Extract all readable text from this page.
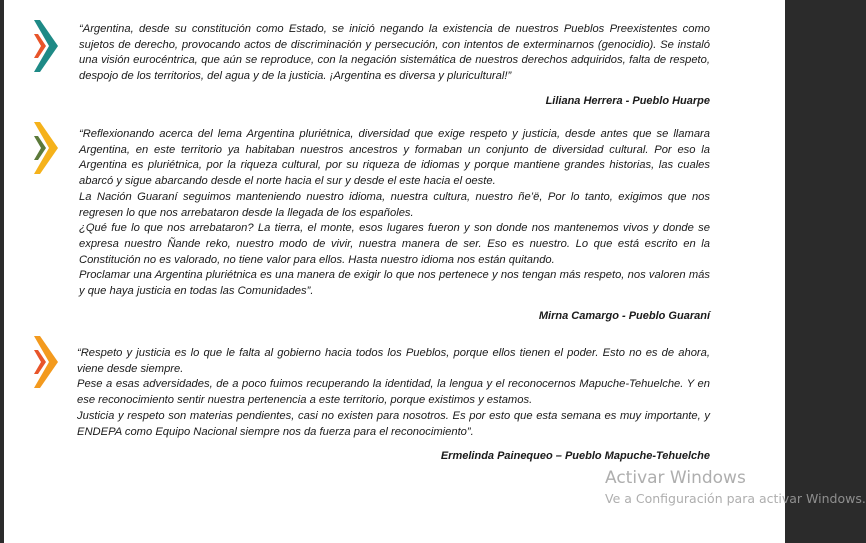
“Argentina, desde su constitución como Estado, se inició negando la existencia de nuestros Pueblos Preexistentes como sujetos de derecho, provocando actos de discriminación y persecución, con intentos de exterminarnos (genocidio). Se instaló una visión eurocéntrica, que aún se reproduce, con la negación sistemática de nuestros derechos adquiridos, falta de respeto, despojo de los territorios, del agua y de la justicia. ¡Argentina es diversa y pluricultural!”

Liliana Herrera - Pueblo Huarpe

“Reflexionando acerca del lema Argentina pluriétnica, diversidad que exige respeto y justicia, desde antes que se llamara Argentina, en este territorio ya habitaban nuestros ancestros y formaban un conjunto de diversidad cultural. Por eso la Argentina es pluriétnica, por la riqueza cultural, por su riqueza de idiomas y porque mantiene grandes historias, las cuales abarcó y sigue abarcando desde el norte hacia el sur y desde el este hacia el oeste.

La Nación Guaraní seguimos manteniendo nuestro idioma, nuestra cultura, nuestro ñe’ë, Por lo tanto, exigimos que nos regresen lo que nos arrebataron desde la llegada de los españoles.

¿Qué fue lo que nos arrebataron? La tierra, el monte, esos lugares fueron y son donde nos mantenemos vivos y donde se expresa nuestro Ñande reko, nuestro modo de vivir, nuestra manera de ser. Eso es nuestro. Lo que está escrito en la Constitución no es valorado, no tiene valor para ellos. Hasta nuestro idioma nos están quitando.

Proclamar una Argentina pluriétnica es una manera de exigir lo que nos pertenece y nos tengan más respeto, nos valoren más y que haya justicia en todas las Comunidades”.

Mirna Camargo - Pueblo Guaraní

“Respeto y justicia es lo que le falta al gobierno hacia todos los Pueblos, porque ellos tienen el poder. Esto no es de ahora, viene desde siempre.

Pese a esas adversidades, de a poco fuimos recuperando la identidad, la lengua y el reconocernos Mapuche-Tehuelche. Y en ese reconocimiento sentir nuestra pertenencia a este territorio, porque existimos y estamos.

Justicia y respeto son materias pendientes, casi no existen para nosotros. Es por esto que esta semana es muy importante, y ENDEPA como Equipo Nacional siempre nos da fuerza para el reconocimiento”.

Ermelinda Painequeo – Pueblo Mapuche-Tehuelche
Activar Windows
Ve a Configuración para activar Windows.
